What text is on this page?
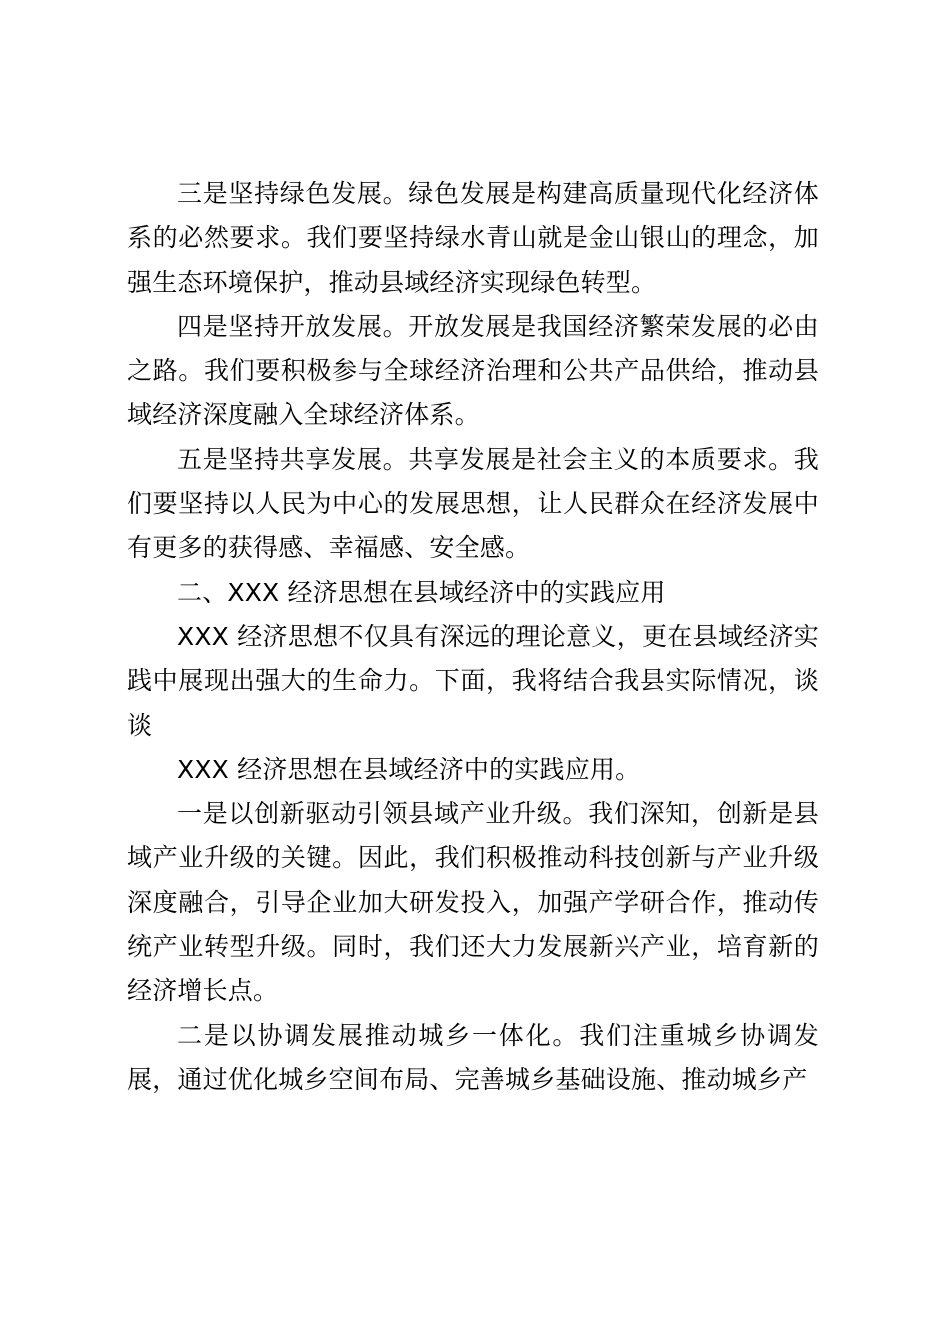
三是坚持绿色发展。绿色发展是构建高质量现代化经济体系的必然要求。我们要坚持绿水青山就是金山银山的理念，加强生态环境保护，推动县域经济实现绿色转型。

四是坚持开放发展。开放发展是我国经济繁荣发展的必由之路。我们要积极参与全球经济治理和公共产品供给，推动县域经济深度融入全球经济体系。

五是坚持共享发展。共享发展是社会主义的本质要求。我们要坚持以人民为中心的发展思想，让人民群众在经济发展中有更多的获得感、幸福感、安全感。

二、XXX 经济思想在县域经济中的实践应用

XXX 经济思想不仅具有深远的理论意义，更在县域经济实践中展现出强大的生命力。下面，我将结合我县实际情况，谈谈

XXX 经济思想在县域经济中的实践应用。

一是以创新驱动引领县域产业升级。我们深知，创新是县域产业升级的关键。因此，我们积极推动科技创新与产业升级深度融合，引导企业加大研发投入，加强产学研合作，推动传统产业转型升级。同时，我们还大力发展新兴产业，培育新的经济增长点。

二是以协调发展推动城乡一体化。我们注重城乡协调发展，通过优化城乡空间布局、完善城乡基础设施、推动城乡产
